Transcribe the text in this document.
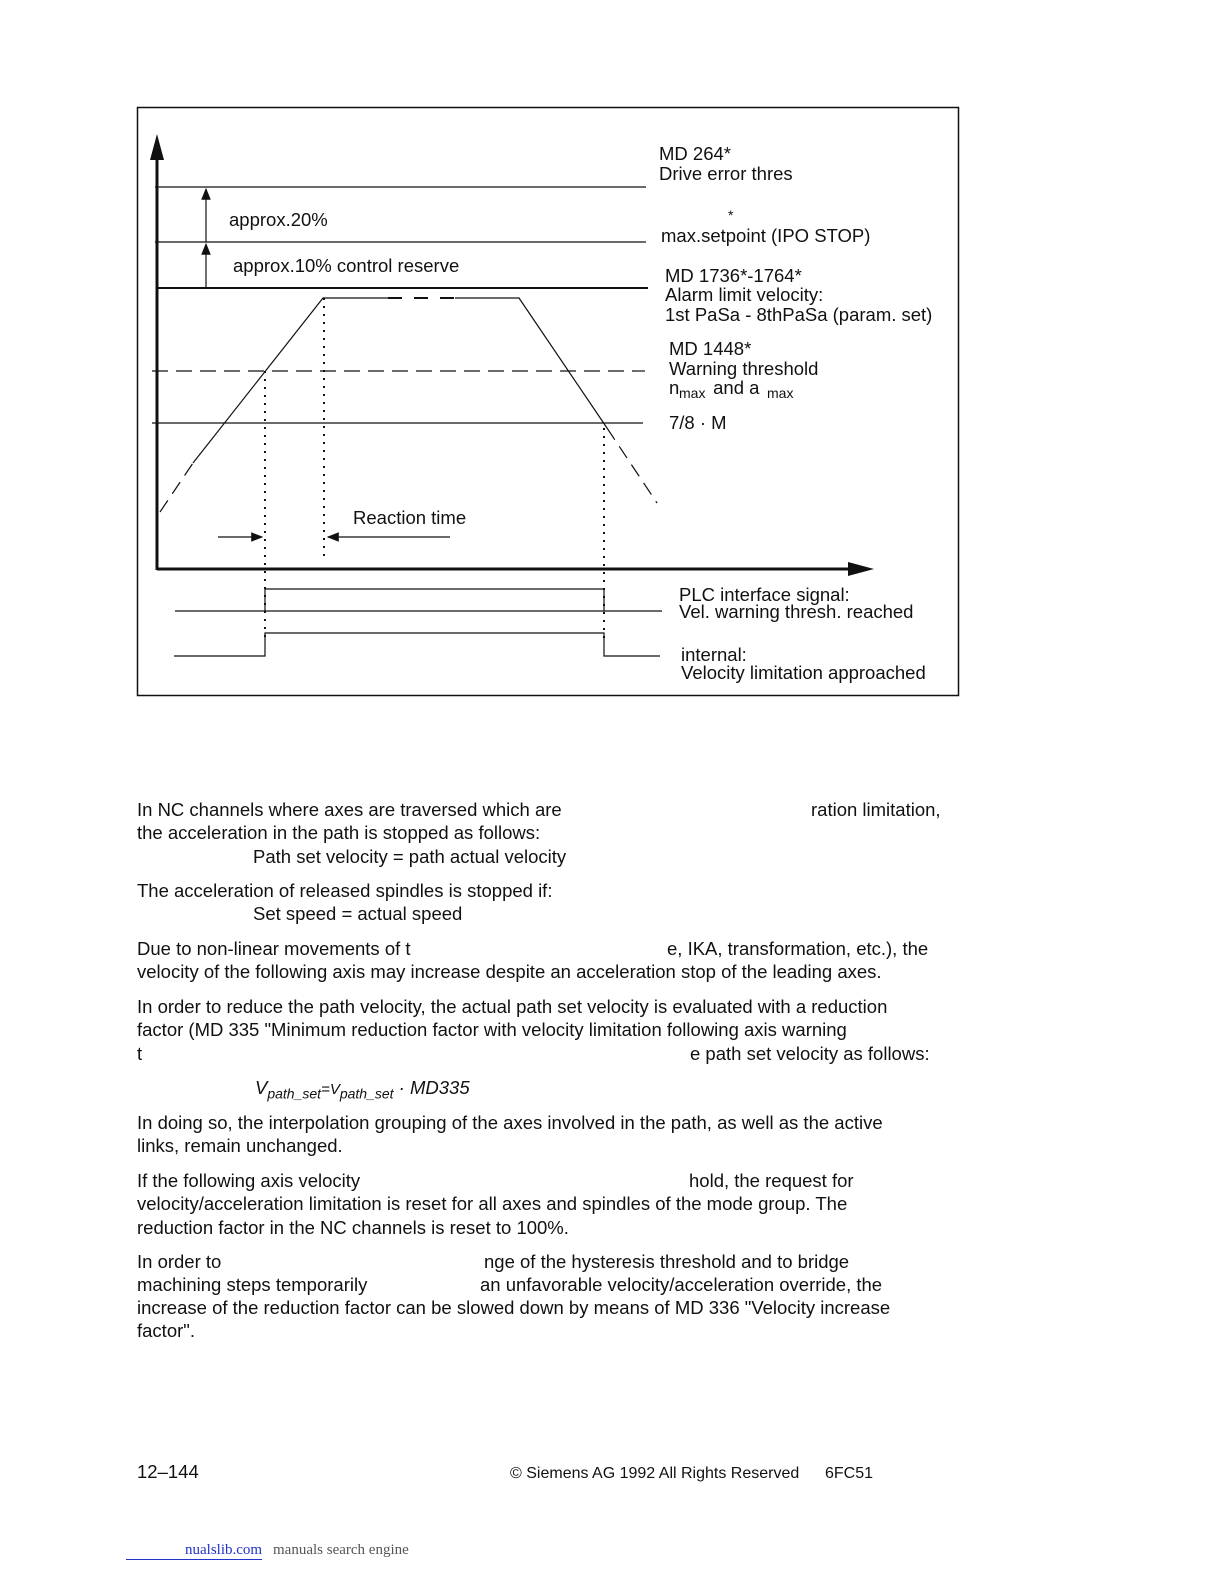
MD 264*
Drive error thres
*
max.setpoint (IPO STOP)
MD 1736*-1764*
Alarm limit velocity:
1st PaSa - 8thPaSa (param. set)
MD 1448*
Warning threshold
n max and a max
7/8 · M
approx.20%
approx.10% control reserve
Reaction time
PLC interface signal:
Vel. warning thresh. reached
internal:
Velocity limitation approached
In NC channels where axes are traversed which are	ration limitation,
the acceleration in the path is stopped as follows:
Path set velocity = path actual velocity
The acceleration of released spindles is stopped if:
Set speed = actual speed
Due to non-linear movements of t	e, IKA, transformation, etc.), the
velocity of the following axis may increase despite an acceleration stop of the leading axes.
In order to reduce the path velocity, the actual path set velocity is evaluated with a reduction
factor (MD 335 "Minimum reduction factor with velocity limitation following axis warning
t	e path set velocity as follows:
$V_{path\_set}=V_{path\_set} \cdot MD335$
In doing so, the interpolation grouping of the axes involved in the path, as well as the active
links, remain unchanged.
If the following axis velocity	hold, the request for
velocity/acceleration limitation is reset for all axes and spindles of the mode group. The
reduction factor in the NC channels is reset to 100%.
In order to	nge of the hysteresis threshold and to bridge
machining steps temporarily	an unfavorable velocity/acceleration override, the
increase of the reduction factor can be slowed down by means of MD 336 "Velocity increase
factor".
12–144	© Siemens AG 1992 All Rights Reserved 6FC51
nualslib.com manuals search engine
